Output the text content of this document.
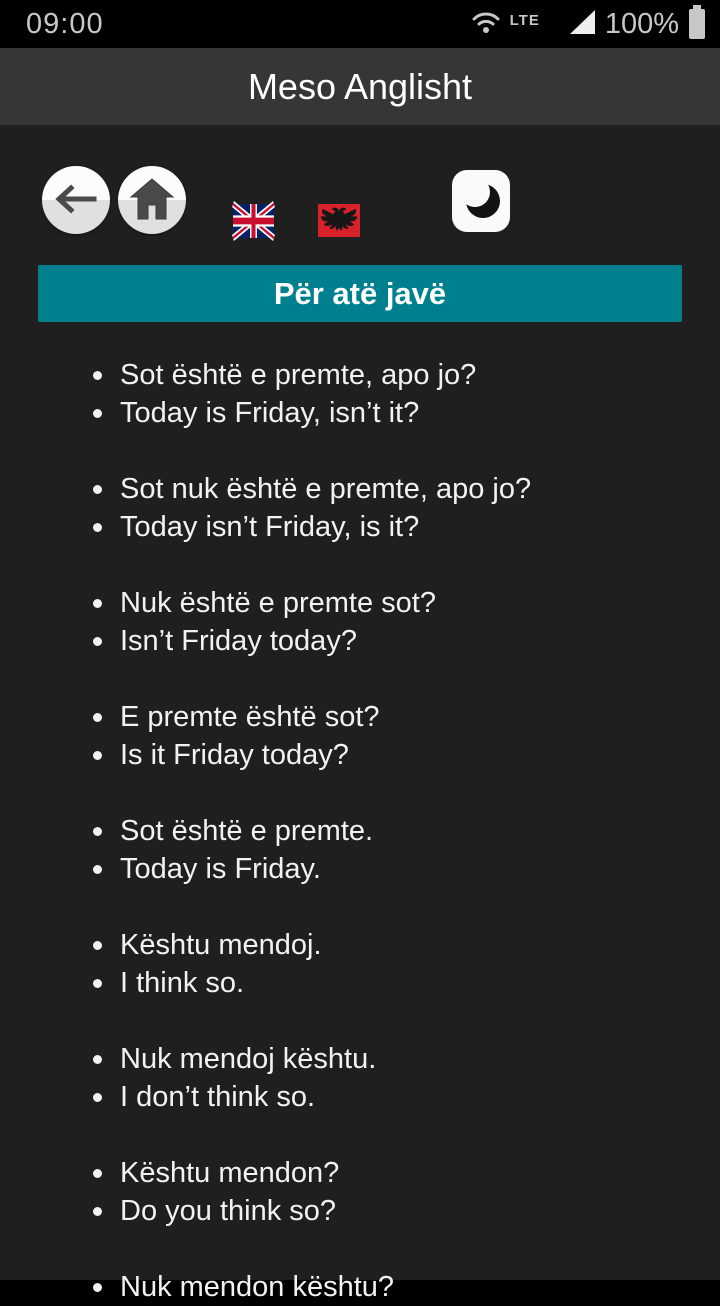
09:00	LTE 100%
Meso Anglisht
Për atë javë
Sot është e premte, apo jo?
Today is Friday, isn’t it?
Sot nuk është e premte, apo jo?
Today isn’t Friday, is it?
Nuk është e premte sot?
Isn’t Friday today?
E premte është sot?
Is it Friday today?
Sot është e premte.
Today is Friday.
Kështu mendoj.
I think so.
Nuk mendoj kështu.
I don’t think so.
Kështu mendon?
Do you think so?
Nuk mendon kështu?
